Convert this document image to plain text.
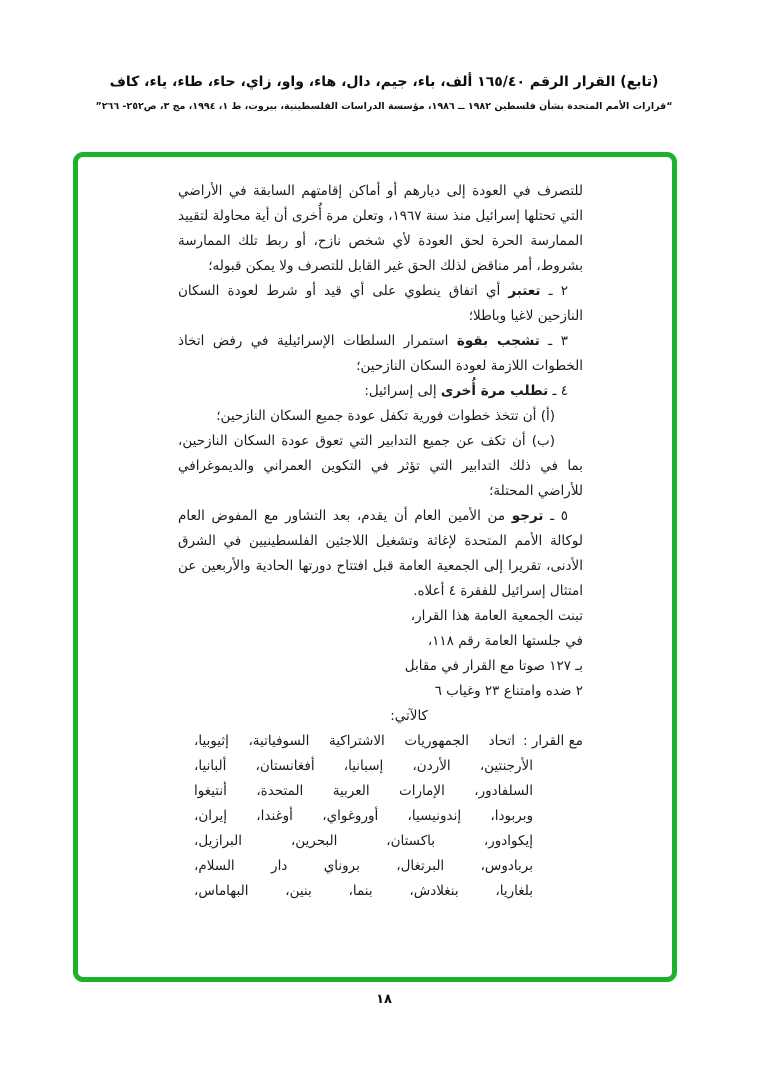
(تابع) القرار الرقم ١٦٥/٤٠ ألف، باء، جيم، دال، هاء، واو، زاي، حاء، طاء، ياء، كاف
“قرارات الأمم المتحدة بشأن فلسطين ١٩٨٢ ــ ١٩٨٦، مؤسسة الدراسات الفلسطينية، بيروت، ط ١، ١٩٩٤، مج ٣، ص٢٥٢- ٢٦٦”

للتصرف في العودة إلى ديارهم أو أماكن إقامتهم السابقة في الأراضي التي تحتلها إسرائيل منذ سنة ١٩٦٧، وتعلن مرة أُخرى أن أية محاولة لتقييد الممارسة الحرة لحق العودة لأي شخص نازح، أو ربط تلك الممارسة بشروط، أمر مناقض لذلك الحق غير القابل للتصرف ولا يمكن قبوله؛

٢ ـ تعتبر أي اتفاق ينطوي على أي قيد أو شرط لعودة السكان النازحين لاغيا وباطلا؛

٣ ـ تشجب بقوة استمرار السلطات الإسرائيلية في رفض اتخاذ الخطوات اللازمة لعودة السكان النازحين؛

٤ ـ تطلب مرة أُخرى إلى إسرائيل:

(أ) أن تتخذ خطوات فورية تكفل عودة جميع السكان النازحين؛

(ب) أن تكف عن جميع التدابير التي تعوق عودة السكان النازحين، بما في ذلك التدابير التي تؤثر في التكوين العمراني والديموغرافي للأراضي المحتلة؛

٥ ـ ترجو من الأمين العام أن يقدم، بعد التشاور مع المفوض العام لوكالة الأمم المتحدة لإغاثة وتشغيل اللاجئين الفلسطينيين في الشرق الأدنى، تقريرا إلى الجمعية العامة قبل افتتاح دورتها الحادية والأربعين عن امتثال إسرائيل للفقرة ٤ أعلاه.

تبنت الجمعية العامة هذا القرار،
في جلستها العامة رقم ١١٨،
بـ ١٢٧ صوتا مع القرار في مقابل
٢ ضده وامتناع ٢٣ وغياب ٦
كالآتي:
مع القرار :
اتحاد الجمهوريات الاشتراكية السوفياتية، إثيوبيا،
الأرجنتين، الأردن، إسبانيا، أفغانستان، ألبانيا،
السلفادور، الإمارات العربية المتحدة، أنتيغوا
وبربودا، إندونيسيا، أوروغواي، أوغندا، إيران،
إيكوادور، باكستان، البحرين، البرازيل،
بربادوس، البرتغال، بروناي دار السلام،
بلغاريا، بنغلادش، بنما، بنين، البهاماس،
١٨
